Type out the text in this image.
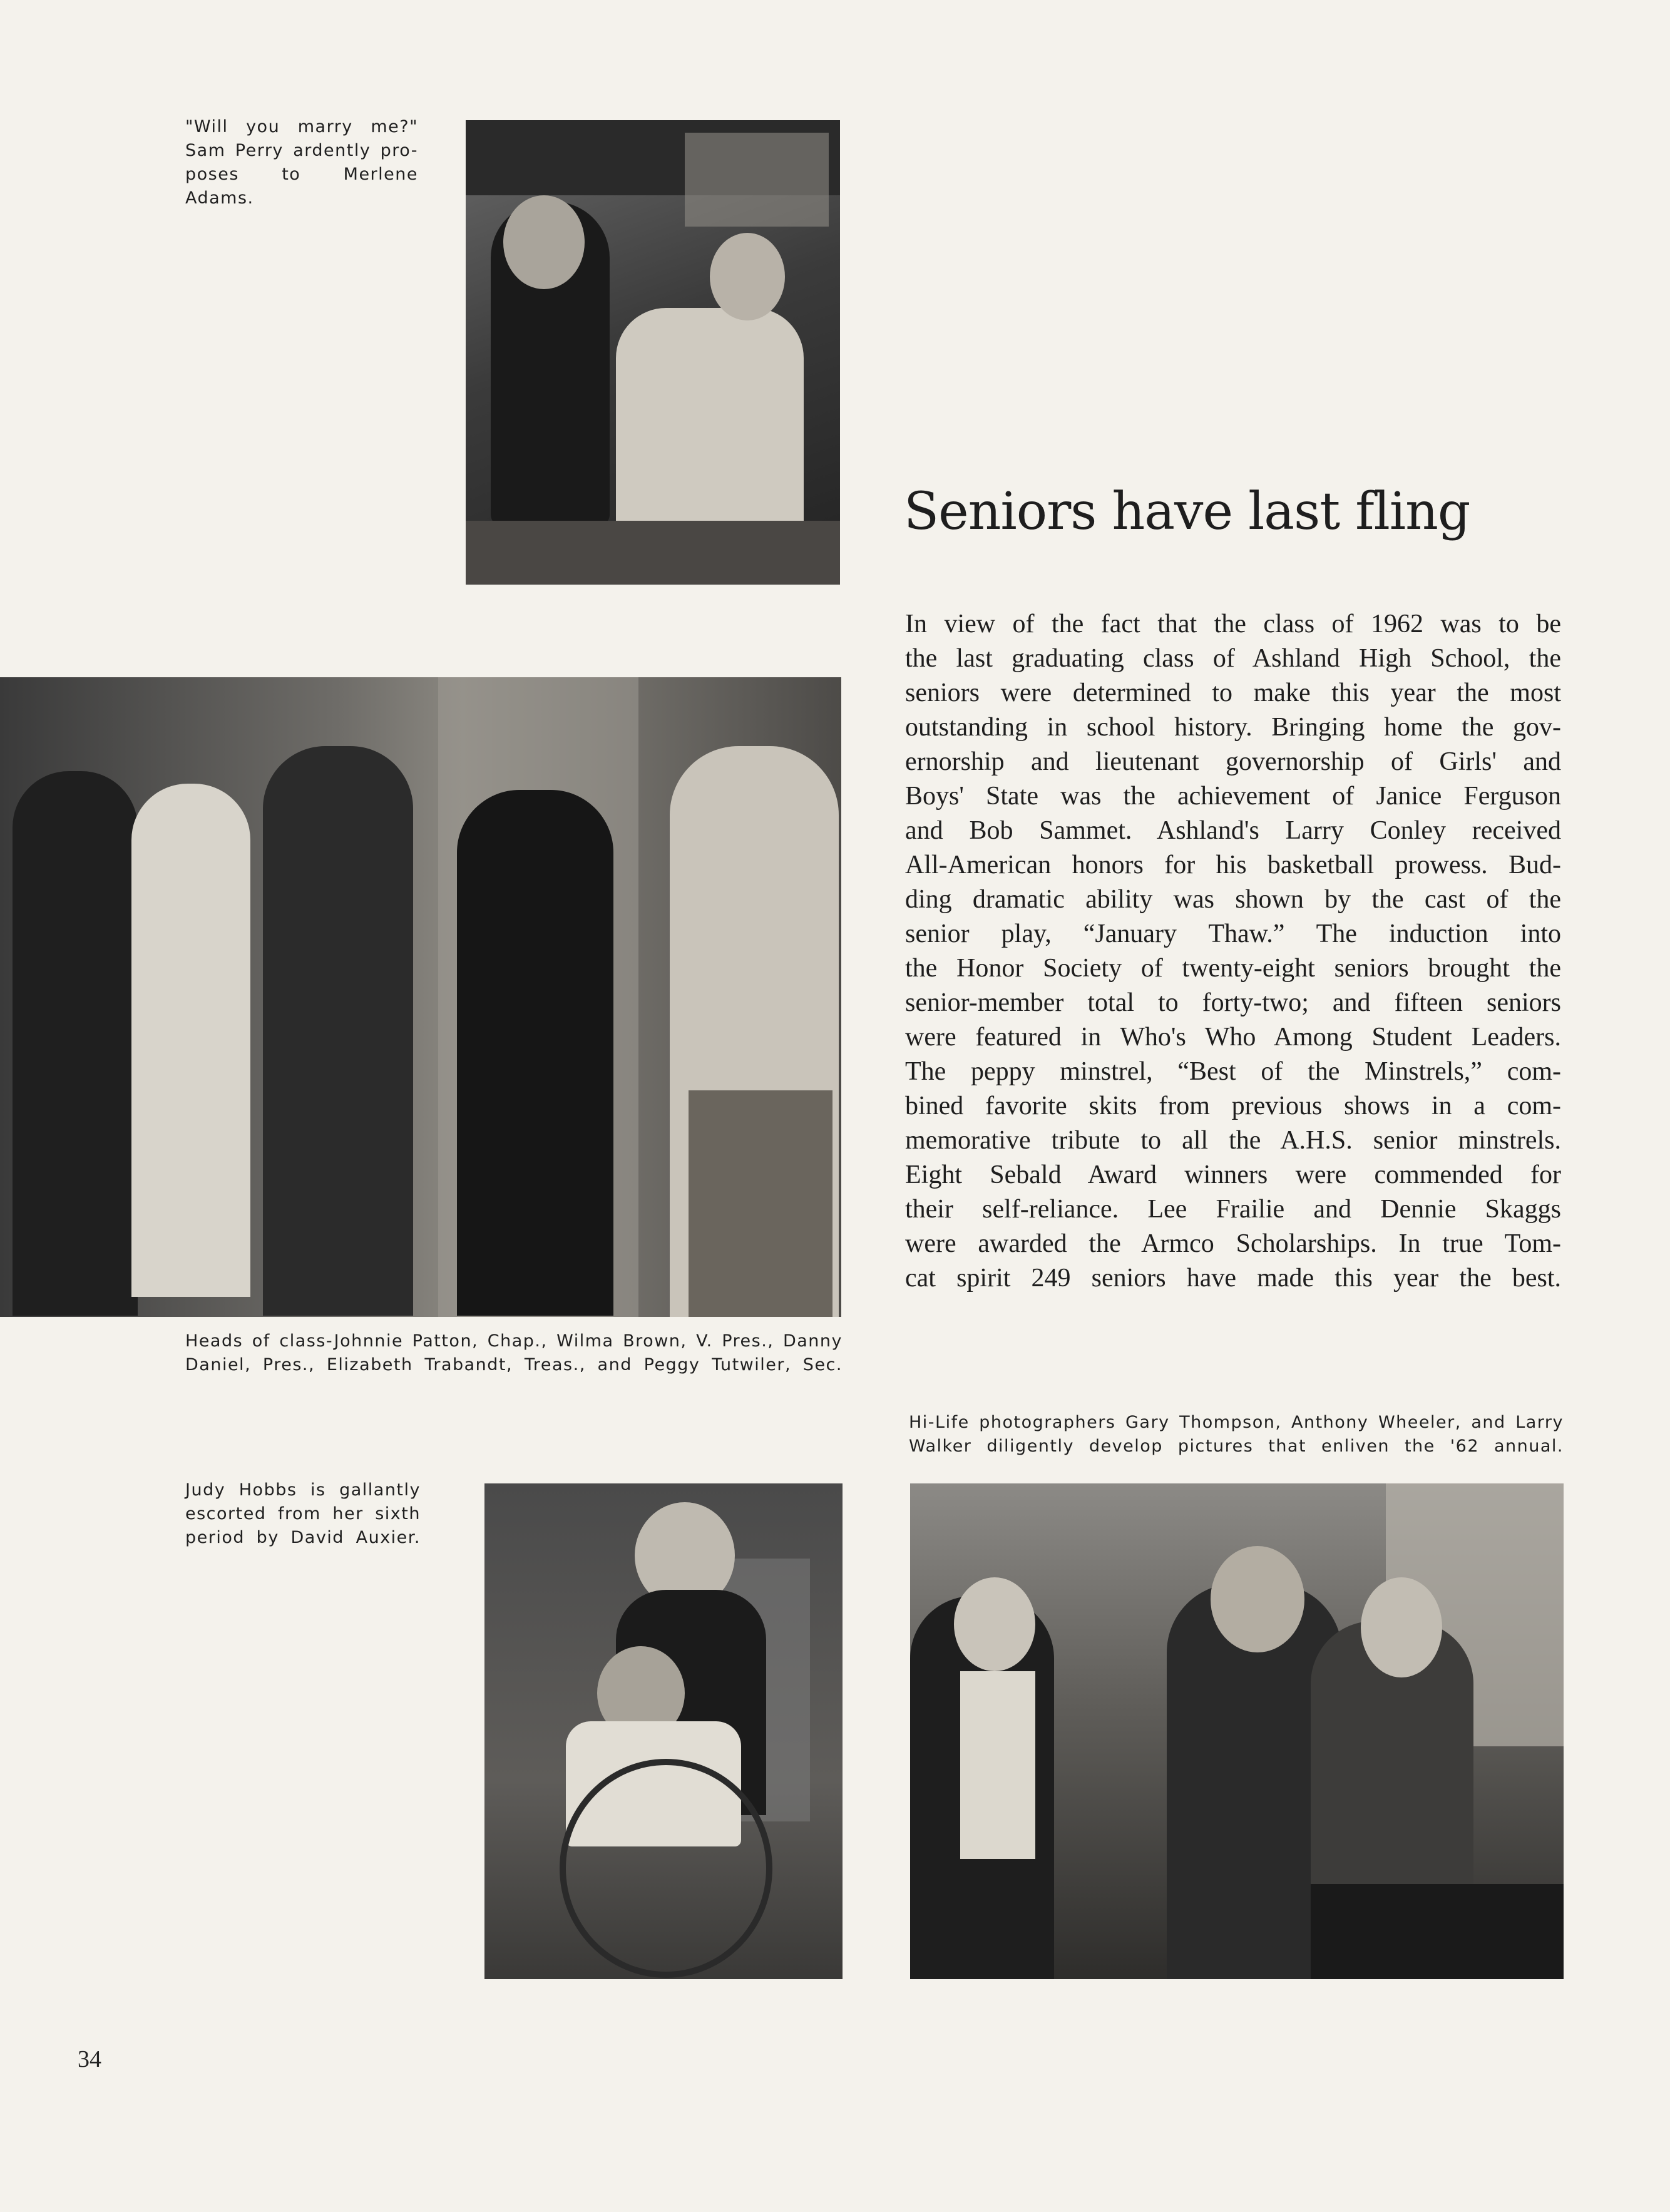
"Will you marry me?"
Sam Perry ardently pro-
poses to Merlene Adams.
Seniors have last fling
Heads of class-Johnnie Patton, Chap., Wilma Brown, V. Pres., Danny
Daniel, Pres., Elizabeth Trabandt, Treas., and Peggy Tutwiler, Sec.
In view of the fact that the class of 1962 was to be
the last graduating class of Ashland High School, the
seniors were determined to make this year the most
outstanding in school history. Bringing home the gov-
ernorship and lieutenant governorship of Girls' and
Boys' State was the achievement of Janice Ferguson
and Bob Sammet. Ashland's Larry Conley received
All-American honors for his basketball prowess. Bud-
ding dramatic ability was shown by the cast of the
senior play, “January Thaw.” The induction into
the Honor Society of twenty-eight seniors brought the
senior-member total to forty-two; and fifteen seniors
were featured in Who's Who Among Student Leaders.
The peppy minstrel, “Best of the Minstrels,” com-
bined favorite skits from previous shows in a com-
memorative tribute to all the A.H.S. senior minstrels.
Eight Sebald Award winners were commended for
their self-reliance. Lee Frailie and Dennie Skaggs
were awarded the Armco Scholarships. In true Tom-
cat spirit 249 seniors have made this year the best.
Hi-Life photographers Gary Thompson, Anthony Wheeler, and Larry
Walker diligently develop pictures that enliven the '62 annual.
Judy Hobbs is gallantly
escorted from her sixth
period by David Auxier.
34
